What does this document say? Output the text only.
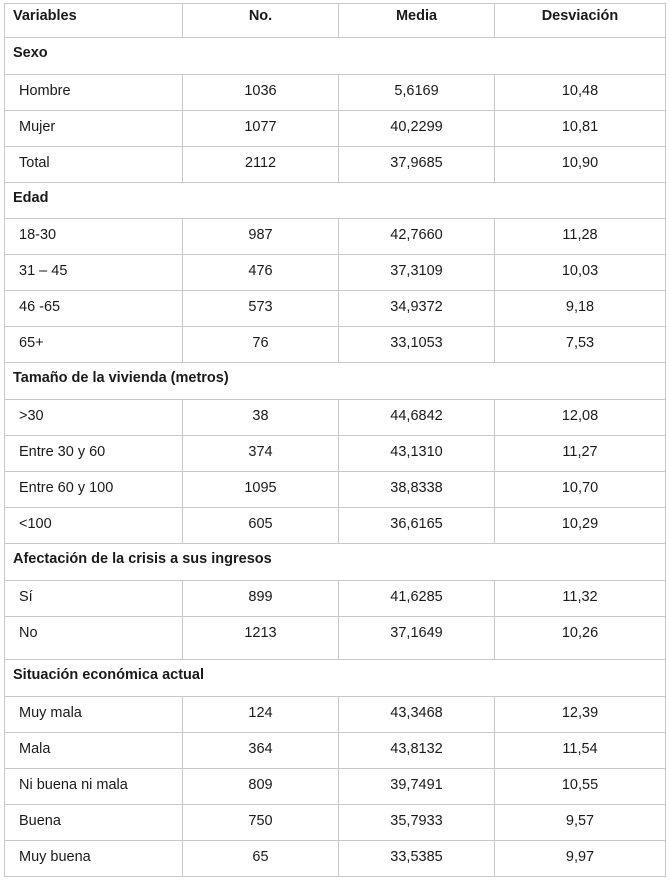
Variables	No.	Media	Desviación
Sexo			
Hombre	1036	5,6169	10,48
Mujer	1077	40,2299	10,81
Total	2112	37,9685	10,90
Edad			
18-30	987	42,7660	11,28
31 – 45	476	37,3109	10,03
46 -65	573	34,9372	9,18
65+	76	33,1053	7,53
Tamaño de la vivienda (metros)			
>30	38	44,6842	12,08
Entre 30 y 60	374	43,1310	11,27
Entre 60 y 100	1095	38,8338	10,70
<100	605	36,6165	10,29
Afectación de la crisis a sus ingresos			
Sí	899	41,6285	11,32
No	1213	37,1649	10,26
Situación económica actual			
Muy mala	124	43,3468	12,39
Mala	364	43,8132	11,54
Ni buena ni mala	809	39,7491	10,55
Buena	750	35,7933	9,57
Muy buena	65	33,5385	9,97
